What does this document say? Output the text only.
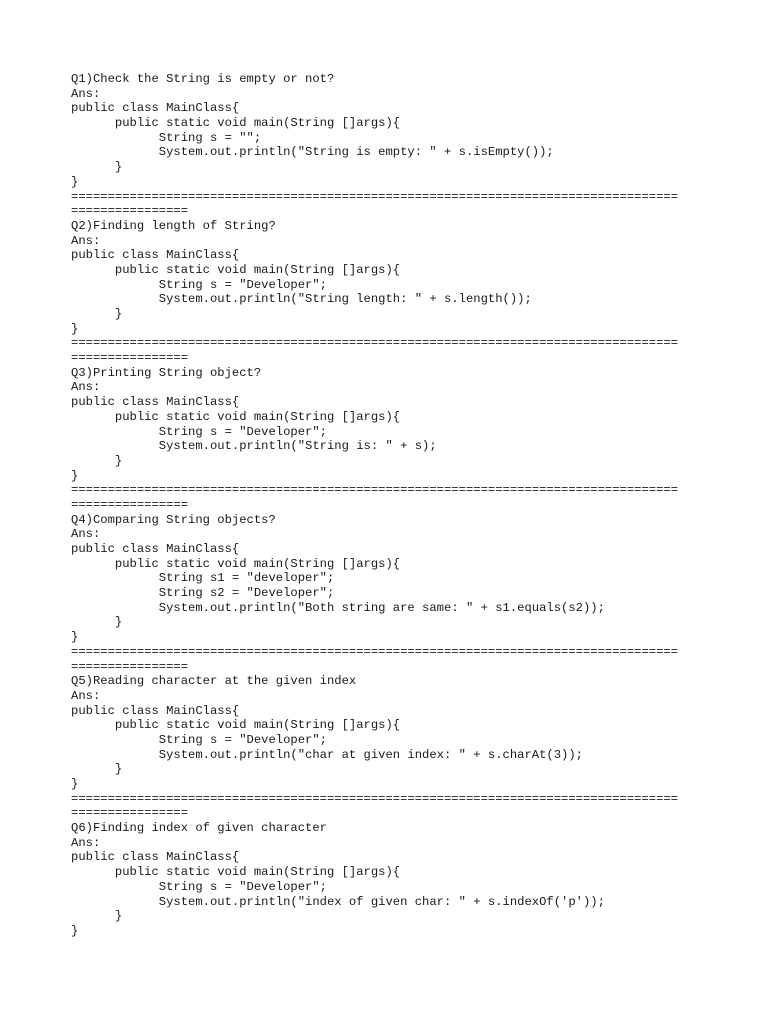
Q1)Check the String is empty or not?
Ans:
public class MainClass{
	public static void main(String []args){
		String s = "";
		System.out.println("String is empty: " + s.isEmpty());
	}
}
===================================================================================
================
Q2)Finding length of String?
Ans:
public class MainClass{
	public static void main(String []args){
		String s = "Developer";
		System.out.println("String length: " + s.length());
	}
}
===================================================================================
================
Q3)Printing String object?
Ans:
public class MainClass{
	public static void main(String []args){
		String s = "Developer";
		System.out.println("String is: " + s);
	}
}
===================================================================================
================
Q4)Comparing String objects?
Ans:
public class MainClass{
	public static void main(String []args){
		String s1 = "developer";
		String s2 = "Developer";
		System.out.println("Both string are same: " + s1.equals(s2));
	}
}
===================================================================================
================
Q5)Reading character at the given index
Ans:
public class MainClass{
	public static void main(String []args){
		String s = "Developer";
		System.out.println("char at given index: " + s.charAt(3));
	}
}
===================================================================================
================
Q6)Finding index of given character
Ans:
public class MainClass{
	public static void main(String []args){
		String s = "Developer";
		System.out.println("index of given char: " + s.indexOf('p'));
	}
}
